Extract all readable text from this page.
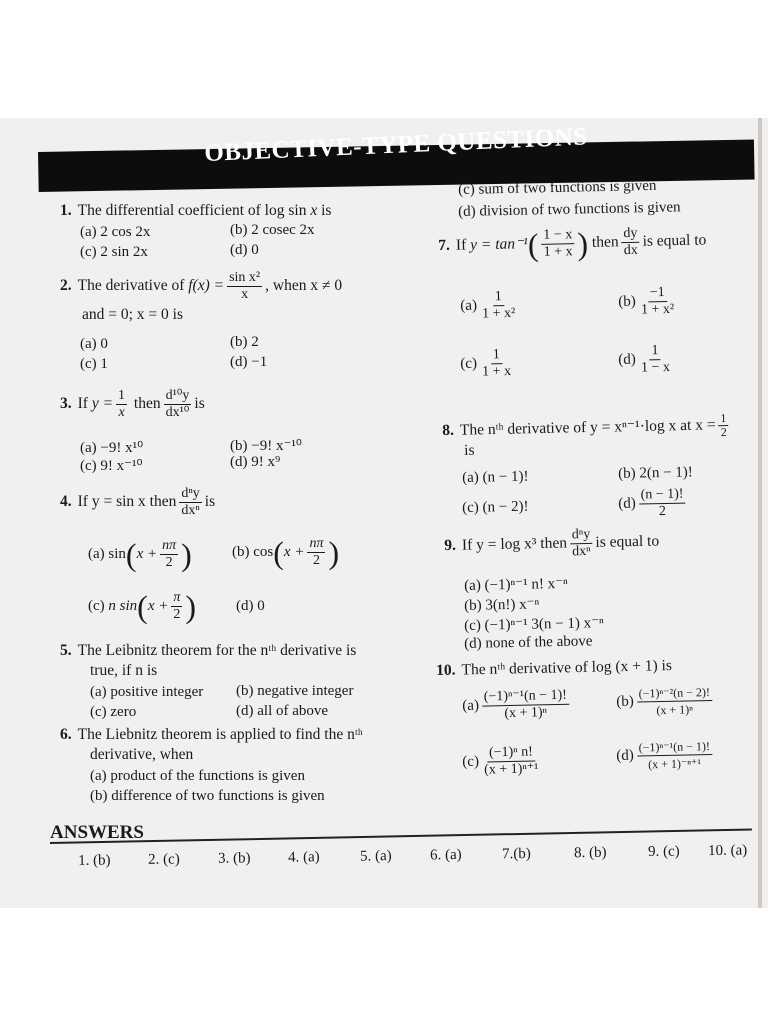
OBJECTIVE-TYPE QUESTIONS
1. The differential coefficient of log sin x is
(a) 2 cos 2x	(b) 2 cosec 2x
(c) 2 sin 2x	(d) 0
2. The derivative of $f(x) = \frac{\text{sin x²}}{x}$ , when x ≠ 0
and = 0; x = 0 is
(a) 0	(b) 2
(c) 1	(d) −1
3. If $y = \frac{1}{x}$ then $\frac{\text{d¹⁰y}}{\text{dx¹⁰}}$ is
(a) −9! x¹⁰	(b) −9! x⁻¹⁰
(c) 9! x⁻¹⁰	(d) 9! x⁹
4. If y = sin x then $\frac{\text{dⁿy}}{\text{dxⁿ}}$ is
(a) $\sin(x + \frac{n\pi}{2}$ )	(b) $\cos(x + \frac{n\pi}{2}$ )
(c) n $\sin(x + \frac{\pi}{2}$ )	(d) 0
5. The Leibnitz theorem for the nᵗʰ derivative is
true, if n is
(a) positive integer (b) negative integer
(c) zero	(d) all of above
6. The Liebnitz theorem is applied to find the nᵗʰ
derivative, when
(a) product of the functions is given
(b) difference of two functions is given
(c) sum of two functions is given
(d) division of two functions is given
7. If $y = \tan^{-1}( \frac{1 - x}{1 + x}$ ) then $\frac{dy}{dx}$ is equal to
$(a) \frac{1}{\text{1 + x²}}$	$(b) \frac{-1}{\text{1 + x²}}$
$(c) \frac{1}{1 + x}$	$(d) \frac{1}{1 - x}$
8. The nᵗʰ derivative of y = xⁿ⁻¹·log x at $x = \frac{1}{2}$
is
(a) (n − 1)!	(b) 2(n − 1)!
(c) (n − 2)!	$(d) \frac{(n - 1)!}{2}$
9. If y = log x³ then $\frac{\text{dⁿy}}{\text{dxⁿ}}$ is equal to
(a) (−1)ⁿ⁻¹ n! x⁻ⁿ
(b) 3(n!) x⁻ⁿ
(c) (−1)ⁿ⁻¹ 3(n − 1) x⁻ⁿ
(d) none of the above
10. The nᵗʰ derivative of log (x + 1) is
$(a) \frac{\text{(−1)ⁿ⁻¹(n − 1)!}}{\text{(x + 1)ⁿ}}$	$(b) \frac{\text{(−1)ⁿ⁻²(n − 2)!}}{\text{(x + 1)ⁿ}}$
$(c) \frac{\text{(−1)ⁿ n!}}{\text{(x + 1)ⁿ⁺¹}}$	$(d) \frac{\text{(−1)ⁿ⁻¹(n − 1)!}}{\text{(x + 1)⁻ⁿ⁺¹}}$
ANSWERS
1. (b) 2. (c)	3. (b) 4. (a)	5. (a)	6. (a)	7.(b)	8. (b)	9. (c) 10. (a)
